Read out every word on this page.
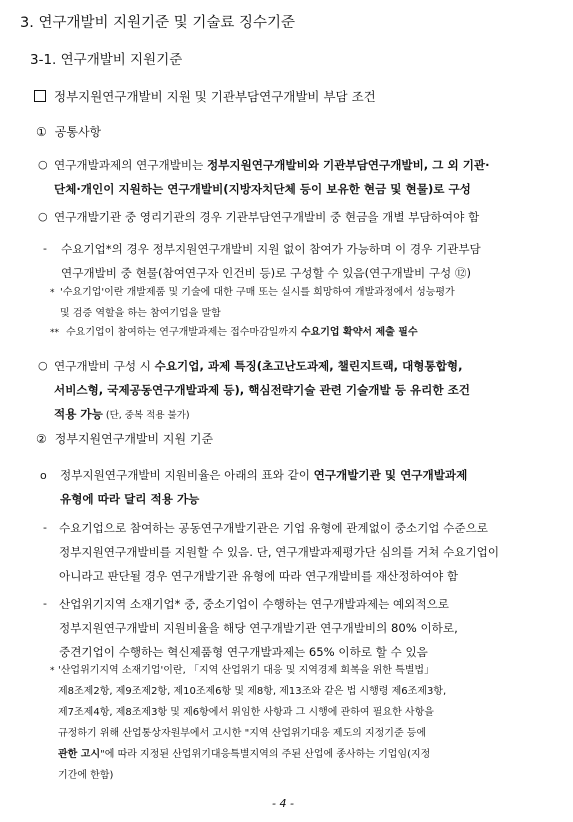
3. 연구개발비 지원기준 및 기술료 징수기준
3-1. 연구개발비 지원기준
정부지원연구개발비 지원 및 기관부담연구개발비 부담 조건
① 공통사항
○ 연구개발과제의 연구개발비는 정부지원연구개발비와 기관부담연구개발비, 그 외 기관·
단체·개인이 지원하는 연구개발비(지방자치단체 등이 보유한 현금 및 현물)로 구성
○ 연구개발기관 중 영리기관의 경우 기관부담연구개발비 중 현금을 개별 부담하여야 함
- 수요기업*의 경우 정부지원연구개발비 지원 없이 참여가 가능하며 이 경우 기관부담
연구개발비 중 현물(참여연구자 인건비 등)로 구성할 수 있음(연구개발비 구성 ⑫)
* '수요기업'이란 개발제품 및 기술에 대한 구매 또는 실시를 희망하여 개발과정에서 성능평가
및 검증 역할을 하는 참여기업을 말함
** 수요기업이 참여하는 연구개발과제는 접수마감일까지 수요기업 확약서 제출 필수
○ 연구개발비 구성 시 수요기업, 과제 특징(초고난도과제, 챌린지트랙, 대형통합형,
서비스형, 국제공동연구개발과제 등), 핵심전략기술 관련 기술개발 등 유리한 조건
적용 가능 (단, 중복 적용 불가)
② 정부지원연구개발비 지원 기준
o 정부지원연구개발비 지원비율은 아래의 표와 같이 연구개발기관 및 연구개발과제
유형에 따라 달리 적용 가능
- 수요기업으로 참여하는 공동연구개발기관은 기업 유형에 관계없이 중소기업 수준으로
정부지원연구개발비를 지원할 수 있음. 단, 연구개발과제평가단 심의를 거쳐 수요기업이
아니라고 판단될 경우 연구개발기관 유형에 따라 연구개발비를 재산정하여야 함
- 산업위기지역 소재기업* 중, 중소기업이 수행하는 연구개발과제는 예외적으로
정부지원연구개발비 지원비율을 해당 연구개발기관 연구개발비의 80% 이하로,
중견기업이 수행하는 혁신제품형 연구개발과제는 65% 이하로 할 수 있음
* '산업위기지역 소재기업'이란, 「지역 산업위기 대응 및 지역경제 회복을 위한 특별법」
제8조제2항, 제9조제2항, 제10조제6항 및 제8항, 제13조와 같은 법 시행령 제6조제3항,
제7조제4항, 제8조제3항 및 제6항에서 위임한 사항과 그 시행에 관하여 필요한 사항을
규정하기 위해 산업통상자원부에서 고시한 "지역 산업위기대응 제도의 지정기준 등에
관한 고시"에 따라 지정된 산업위기대응특별지역의 주된 산업에 종사하는 기업임(지정
기간에 한함)
- 4 -
